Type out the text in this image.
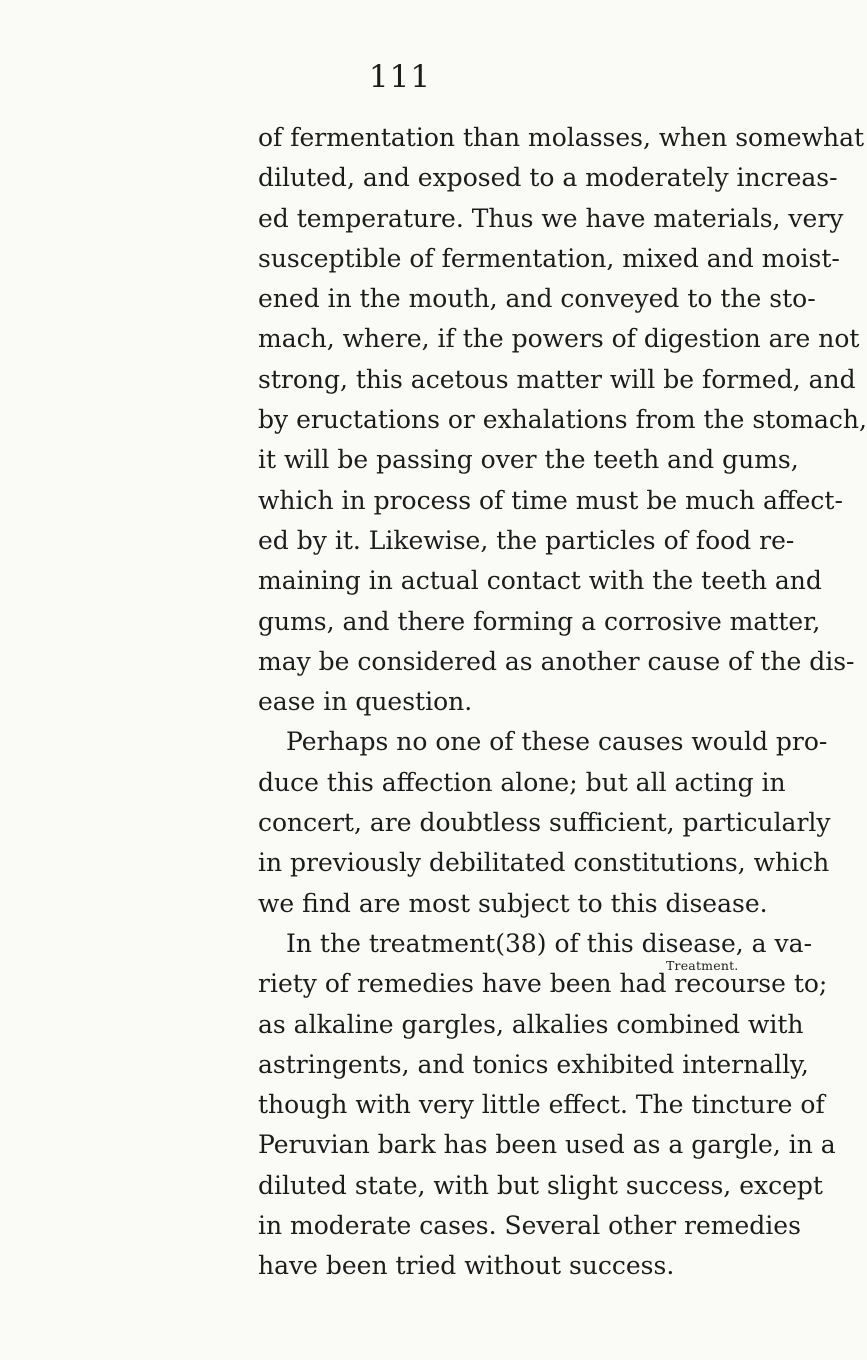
111
of fermentation than molasses, when somewhat
diluted, and exposed to a moderately increas-
ed temperature. Thus we have materials, very
susceptible of fermentation, mixed and moist-
ened in the mouth, and conveyed to the sto-
mach, where, if the powers of digestion are not
strong, this acetous matter will be formed, and
by eructations or exhalations from the stomach,
it will be passing over the teeth and gums,
which in process of time must be much affect-
ed by it. Likewise, the particles of food re-
maining in actual contact with the teeth and
gums, and there forming a corrosive matter,
may be considered as another cause of the dis-
ease in question.
Perhaps no one of these causes would pro-
duce this affection alone; but all acting in
concert, are doubtless sufficient, particularly
in previously debilitated constitutions, which
we find are most subject to this disease.
In the treatment(38) of this disease, a va-
riety of remedies have been had recourse to;
as alkaline gargles, alkalies combined with
astringents, and tonics exhibited internally,
though with very little effect. The tincture of
Peruvian bark has been used as a gargle, in a
diluted state, with but slight success, except
in moderate cases. Several other remedies
have been tried without success.
Treatment.
